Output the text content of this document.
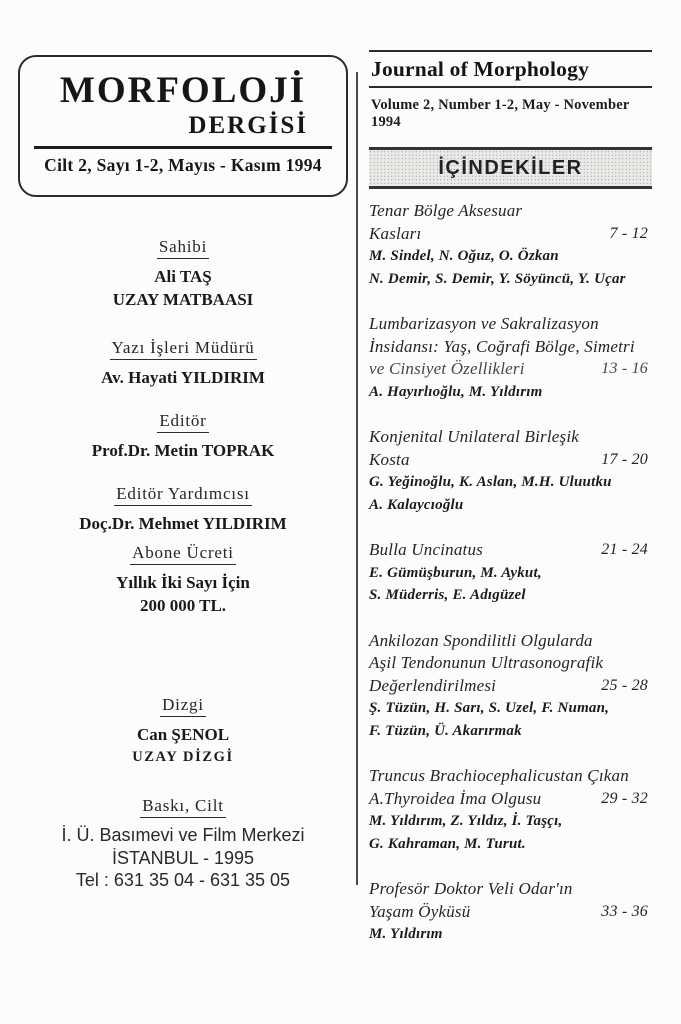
MORFOLOJİ
DERGİSİ
Cilt 2, Sayı 1-2, Mayıs - Kasım 1994
Sahibi
Ali TAŞ
UZAY MATBAASI
Yazı İşleri Müdürü
Av. Hayati YILDIRIM
Editör
Prof.Dr. Metin TOPRAK
Editör Yardımcısı
Doç.Dr. Mehmet YILDIRIM
Abone Ücreti
Yıllık İki Sayı İçin
200 000 TL.
Dizgi
Can ŞENOL
UZAY DİZGİ
Baskı, Cilt
İ. Ü. Basımevi ve Film Merkezi
İSTANBUL - 1995
Tel : 631 35 04 - 631 35 05
Journal of Morphology
Volume 2, Number 1-2, May - November 1994
İÇİNDEKİLER
Tenar Bölge Aksesuar
Kasları	7 - 12
M. Sindel, N. Oğuz, O. Özkan
N. Demir, S. Demir, Y. Söyüncü, Y. Uçar
Lumbarizasyon ve Sakralizasyon
İnsidansı: Yaş, Coğrafi Bölge, Simetri
ve Cinsiyet Özellikleri	13 - 16
A. Hayırlıoğlu, M. Yıldırım
Konjenital Unilateral Birleşik
Kosta	17 - 20
G. Yeğinoğlu, K. Aslan, M.H. Uluutku
A. Kalaycıoğlu
Bulla Uncinatus	21 - 24
E. Gümüşburun, M. Aykut,
S. Müderris, E. Adıgüzel
Ankilozan Spondilitli Olgularda
Aşil Tendonunun Ultrasonografik
Değerlendirilmesi	25 - 28
Ş. Tüzün, H. Sarı, S. Uzel, F. Numan,
F. Tüzün, Ü. Akarırmak
Truncus Brachiocephalicustan Çıkan
A.Thyroidea İma Olgusu	29 - 32
M. Yıldırım, Z. Yıldız, İ. Taşçı,
G. Kahraman, M. Turut.
Profesör Doktor Veli Odar'ın
Yaşam Öyküsü	33 - 36
M. Yıldırım
